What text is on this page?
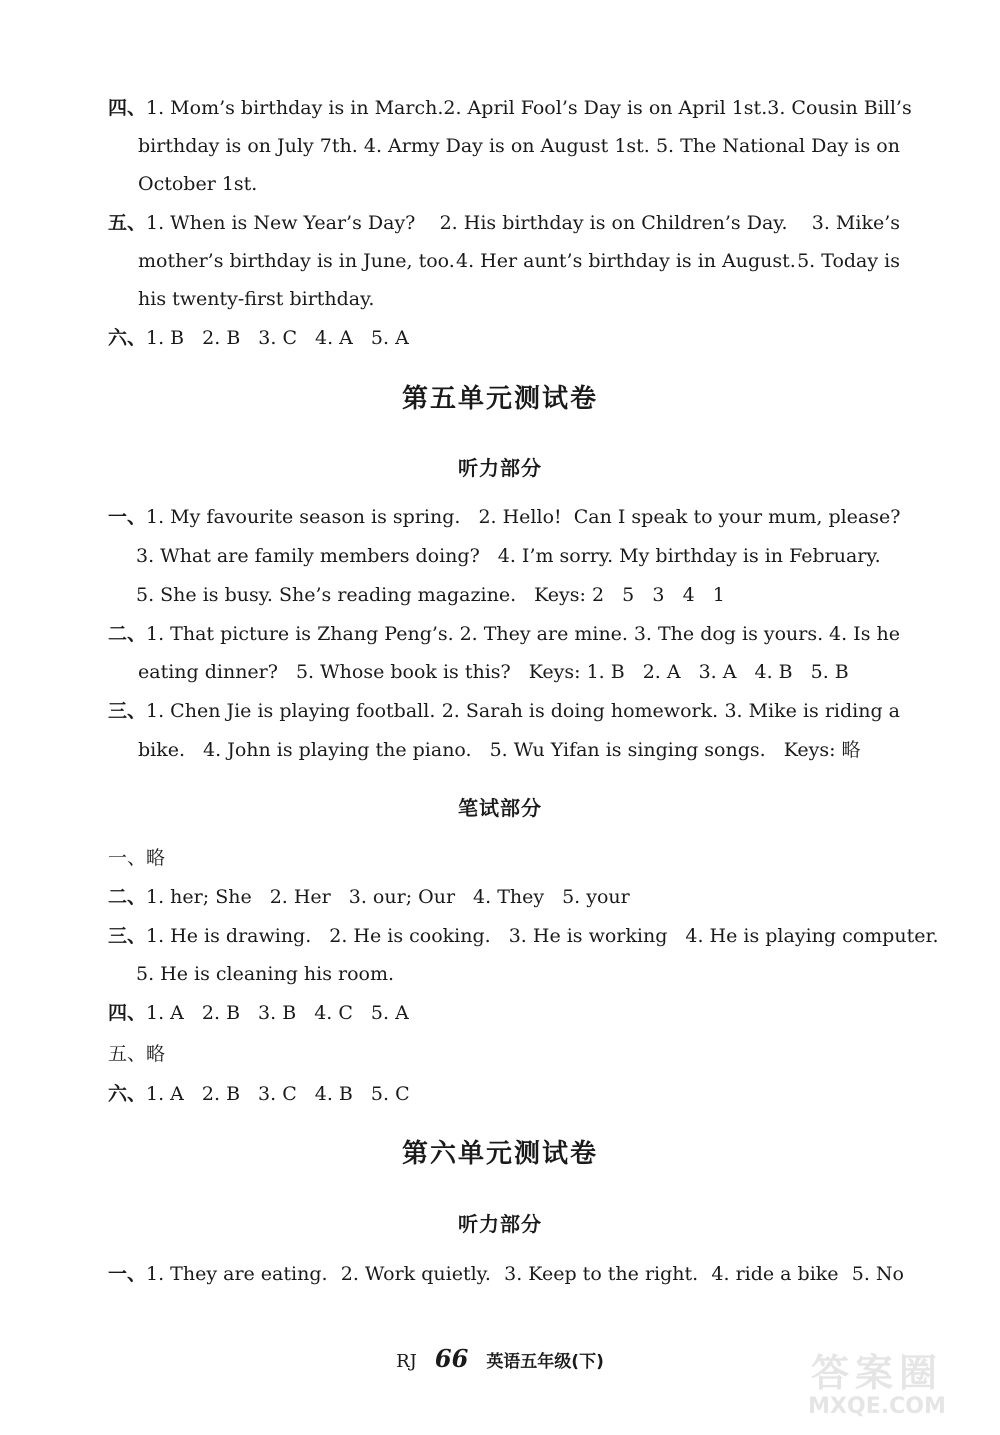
四、1. Mom’s birthday is in March. 2. April Fool’s Day is on April 1st. 3. Cousin Bill’s
birthday is on July 7th. 4. Army Day is on August 1st. 5. The National Day is on
October 1st.
五、1. When is New Year’s Day? 2. His birthday is on Children’s Day. 3. Mike’s
mother’s birthday is in June, too. 4. Her aunt’s birthday is in August. 5. Today is
his twenty-first birthday.
六、1. B 2. B 3. C 4. A 5. A
第五单元测试卷
听力部分
一、1. My favourite season is spring. 2. Hello!  Can I speak to your mum, please?
3. What are family members doing? 4. I’m sorry. My birthday is in February.
5. She is busy. She’s reading magazine. Keys: 2   5   3   4   1
二、1. That picture is Zhang Peng’s. 2. They are mine. 3. The dog is yours. 4. Is he
eating dinner? 5. Whose book is this? Keys: 1. B 2. A 3. A 4. B 5. B
三、1. Chen Jie is playing football. 2. Sarah is doing homework. 3. Mike is riding a
bike. 4. John is playing the piano. 5. Wu Yifan is singing songs. Keys: 略
笔试部分
一、略
二、1. her; She 2. Her 3. our; Our 4. They 5. your
三、1. He is drawing. 2. He is cooking. 3. He is working 4. He is playing computer.
5. He is cleaning his room.
四、1. A 2. B 3. B 4. C 5. A
五、略
六、1. A 2. B 3. C 4. B 5. C
第六单元测试卷
听力部分
一、1. They are eating. 2. Work quietly. 3. Keep to the right. 4. ride a bike 5. No
RJ 66 英语五年级(下)	答案圈
MXQE.COM
